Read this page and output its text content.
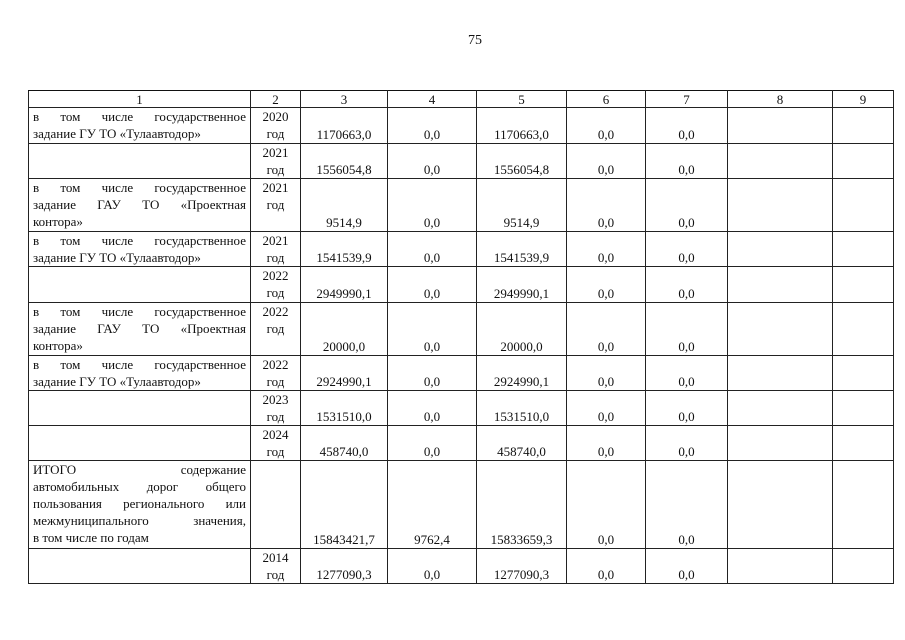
75
1	2	3	4	5	6	7	8	9

в том числе государственное
задание ГУ ТО «Тулаавтодор»	2020
год	1170663,0	0,0	1170663,0	0,0	0,0		

	2021
год	1556054,8	0,0	1556054,8	0,0	0,0		

в том числе государственное
задание ГАУ ТО «Проектная
контора»	2021
год	9514,9	0,0	9514,9	0,0	0,0		

в том числе государственное
задание ГУ ТО «Тулаавтодор»	2021
год	1541539,9	0,0	1541539,9	0,0	0,0		

	2022
год	2949990,1	0,0	2949990,1	0,0	0,0		

в том числе государственное
задание ГАУ ТО «Проектная
контора»	2022
год	20000,0	0,0	20000,0	0,0	0,0		

в том числе государственное
задание ГУ ТО «Тулаавтодор»	2022
год	2924990,1	0,0	2924990,1	0,0	0,0		

	2023
год	1531510,0	0,0	1531510,0	0,0	0,0		

	2024
год	458740,0	0,0	458740,0	0,0	0,0		

ИТОГО содержание
автомобильных дорог общего
пользования регионального или
межмуниципального значения,
в том числе по годам		15843421,7	9762,4	15833659,3	0,0	0,0		

	2014
год	1277090,3	0,0	1277090,3	0,0	0,0		
